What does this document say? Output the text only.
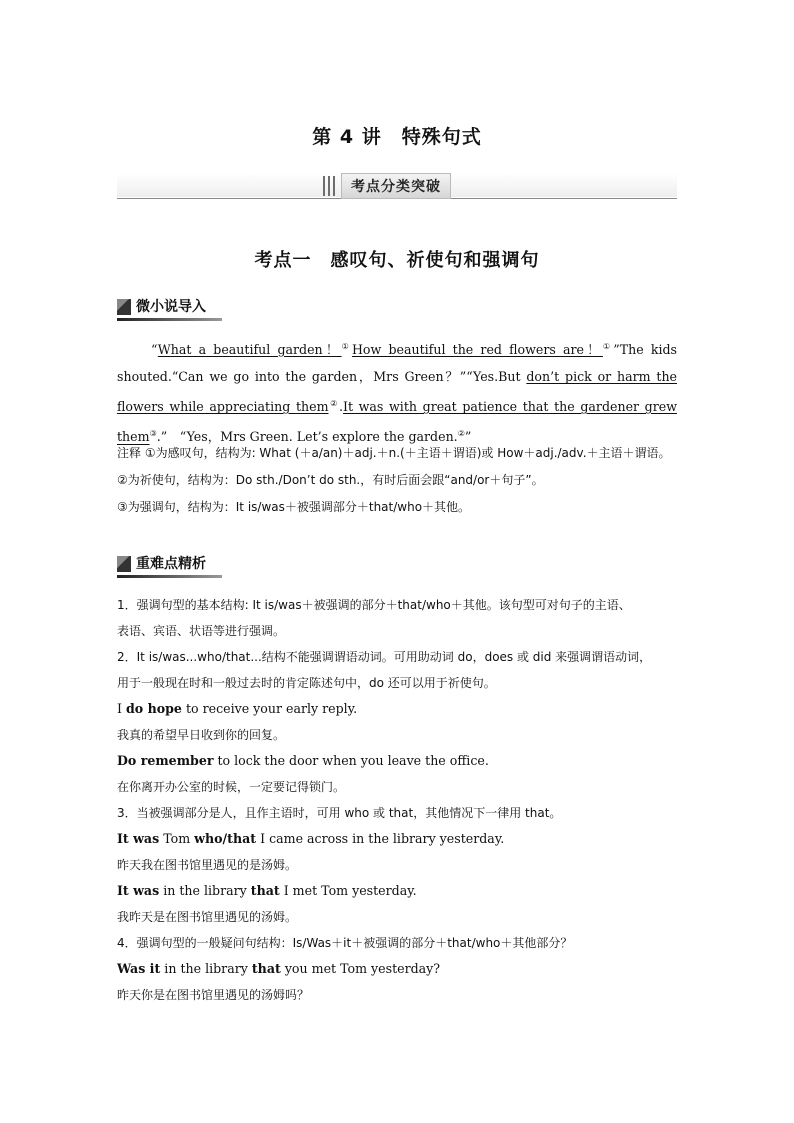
第 4 讲　特殊句式
考点分类突破
考点一　感叹句、祈使句和强调句
微小说导入

“What a beautiful garden！①How beautiful the red flowers are！①”The kids shouted.“Can we go into the garden，Mrs Green？”“Yes.But don’t pick or harm the flowers while appreciating them②.It was with great patience that the gardener grew them③.”　“Yes，Mrs Green. Let’s explore the garden.②”

注释 ①为感叹句，结构为: What (＋a/an)＋adj.＋n.(＋主语＋谓语)或 How＋adj./adv.＋主语＋谓语。
②为祈使句，结构为：Do sth./Don’t do sth.，有时后面会跟“and/or＋句子”。
③为强调句，结构为：It is/was＋被强调部分＋that/who＋其他。
重难点精析
1．强调句型的基本结构: It is/was＋被强调的部分＋that/who＋其他。该句型可对句子的主语、
表语、宾语、状语等进行强调。
2．It is/was...who/that...结构不能强调谓语动词。可用助动词 do，does 或 did 来强调谓语动词，
用于一般现在时和一般过去时的肯定陈述句中，do 还可以用于祈使句。
I do hope to receive your early reply.
我真的希望早日收到你的回复。
Do remember to lock the door when you leave the office.
在你离开办公室的时候，一定要记得锁门。
3．当被强调部分是人，且作主语时，可用 who 或 that，其他情况下一律用 that。
It was Tom who/that I came across in the library yesterday.
昨天我在图书馆里遇见的是汤姆。
It was in the library that I met Tom yesterday.
我昨天是在图书馆里遇见的汤姆。
4．强调句型的一般疑问句结构：Is/Was＋it＋被强调的部分＋that/who＋其他部分？
Was it in the library that you met Tom yesterday?
昨天你是在图书馆里遇见的汤姆吗？
